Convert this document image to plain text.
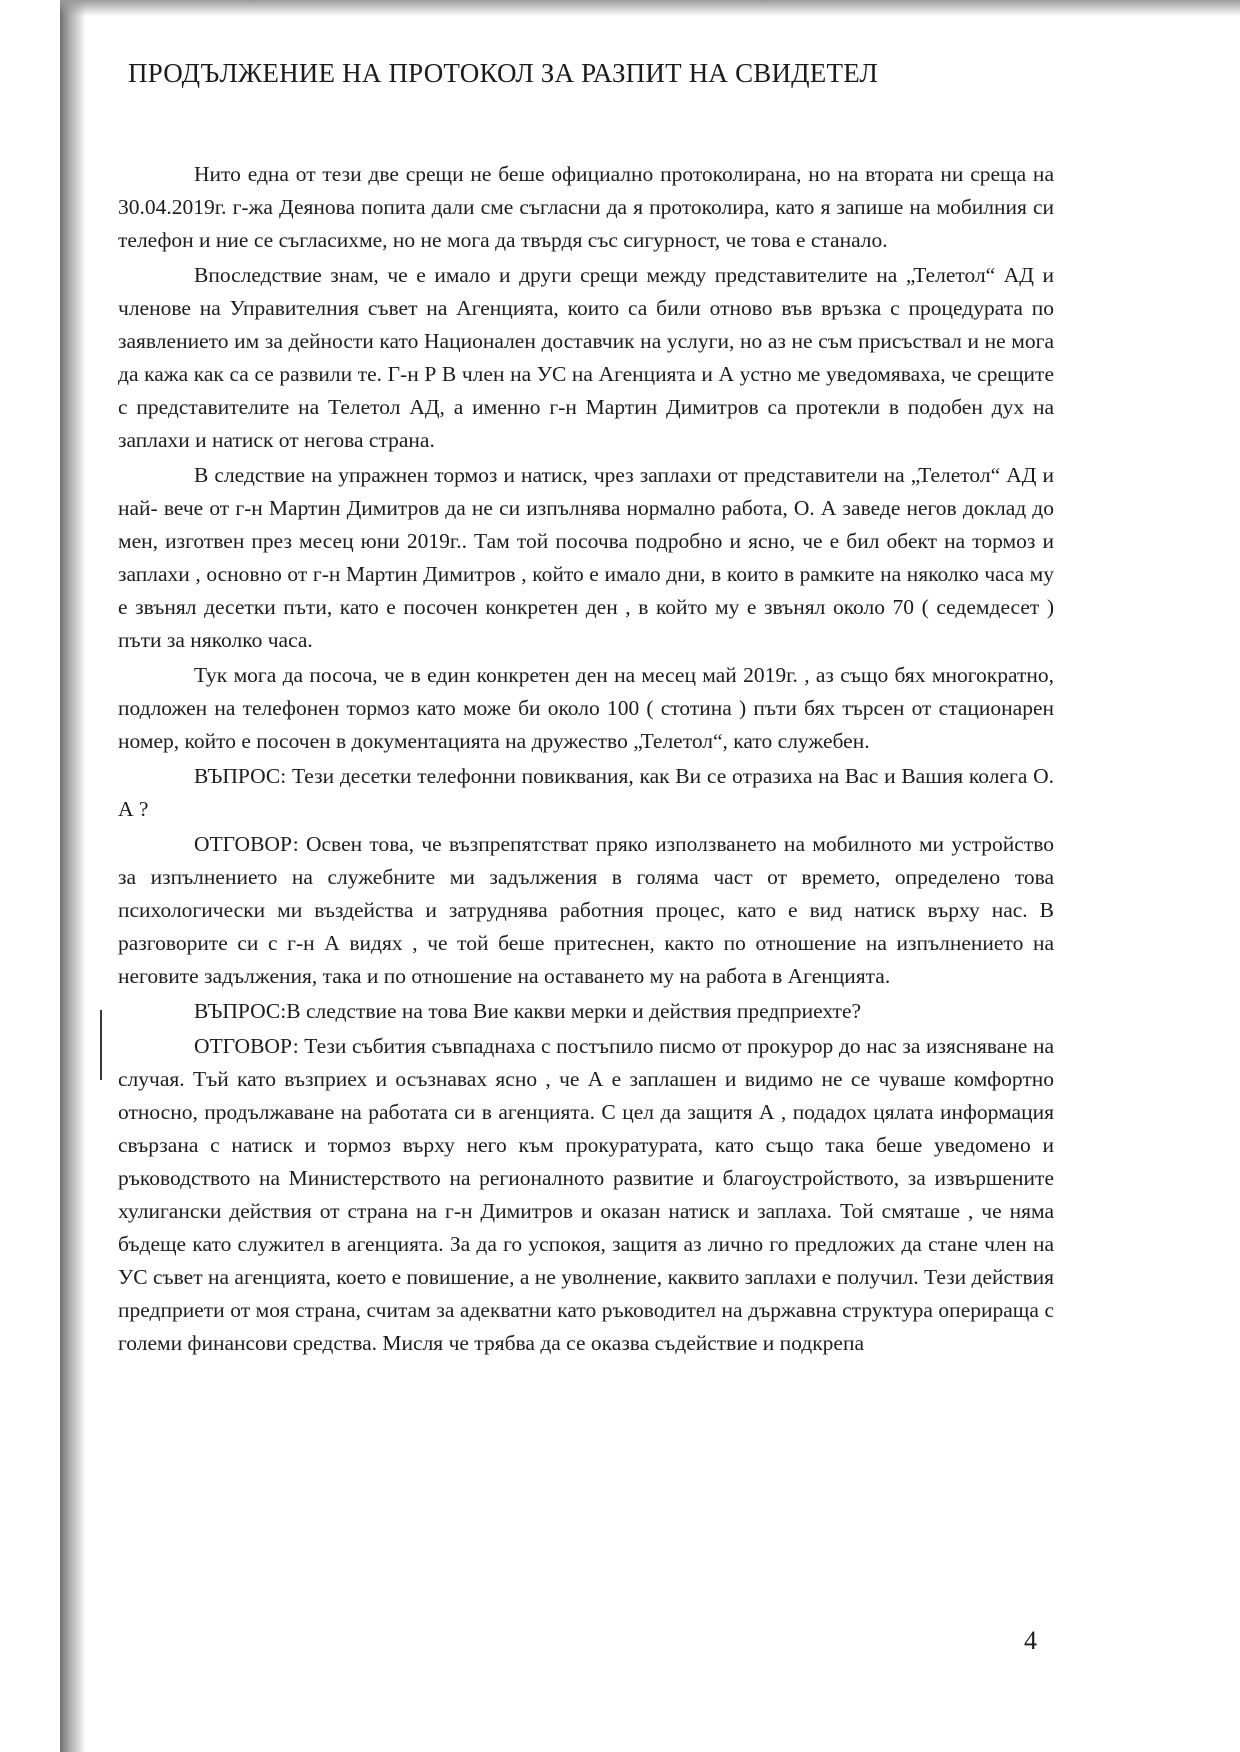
ПРОДЪЛЖЕНИЕ НА ПРОТОКОЛ ЗА РАЗПИТ НА СВИДЕТЕЛ

Нито една от тези две срещи не беше официално протоколирана, но на втората ни среща на 30.04.2019г. г-жа Деянова попита дали сме съгласни да я протоколира, като я запише на мобилния си телефон и ние се съгласихме, но не мога да твърдя със сигурност, че това е станало.

Впоследствие знам, че е имало и други срещи между представителите на „Телетол“ АД и членове на Управителния съвет на Агенцията, които са били отново във връзка с процедурата по заявлението им за дейности като Национален доставчик на услуги, но аз не съм присъствал и не мога да кажа как са се развили те. Г-н Р В член на УС на Агенцията и А устно ме уведомяваха, че срещите с представителите на Телетол АД, а именно г-н Мартин Димитров са протекли в подобен дух на заплахи и натиск от негова страна.

В следствие на упражнен тормоз и натиск, чрез заплахи от представители на „Телетол“ АД и най- вече от г-н Мартин Димитров да не си изпълнява нормално работа, О. А заведе негов доклад до мен, изготвен през месец юни 2019г.. Там той посочва подробно и ясно, че е бил обект на тормоз и заплахи , основно от г-н Мартин Димитров , който е имало дни, в които в рамките на няколко часа му е звънял десетки пъти, като е посочен конкретен ден , в който му е звънял около 70 ( седемдесет ) пъти за няколко часа.

Тук мога да посоча, че в един конкретен ден на месец май 2019г. , аз също бях многократно, подложен на телефонен тормоз като може би около 100 ( стотина ) пъти бях търсен от стационарен номер, който е посочен в документацията на дружество „Телетол“, като служебен.

ВЪПРОС: Тези десетки телефонни повиквания, как Ви се отразиха на Вас и Вашия колега О. А ?

ОТГОВОР: Освен това, че възпрепятстват пряко използването на мобилното ми устройство за изпълнението на служебните ми задължения в голяма част от времето, определено това психологически ми въздейства и затруднява работния процес, като е вид натиск върху нас. В разговорите си с г-н А видях , че той беше притеснен, както по отношение на изпълнението на неговите задължения, така и по отношение на оставането му на работа в Агенцията.

ВЪПРОС:В следствие на това Вие какви мерки и действия предприехте?

ОТГОВОР: Тези събития съвпаднаха с постъпило писмо от прокурор до нас за изясняване на случая. Тъй като възприех и осъзнавах ясно , че А е заплашен и видимо не се чуваше комфортно относно, продължаване на работата си в агенцията. С цел да защитя А , подадох цялата информация свързана с натиск и тормоз върху него към прокуратурата, като също така беше уведомено и ръководството на Министерството на регионалното развитие и благоустройството, за извършените хулигански действия от страна на г-н Димитров и оказан натиск и заплаха. Той смяташе , че няма бъдеще като служител в агенцията. За да го успокоя, защитя аз лично го предложих да стане член на УС съвет на агенцията, което е повишение, а не уволнение, каквито заплахи е получил. Тези действия предприети от моя страна, считам за адекватни като ръководител на държавна структура оперираща с големи финансови средства. Мисля че трябва да се оказва съдействие и подкрепа

4
